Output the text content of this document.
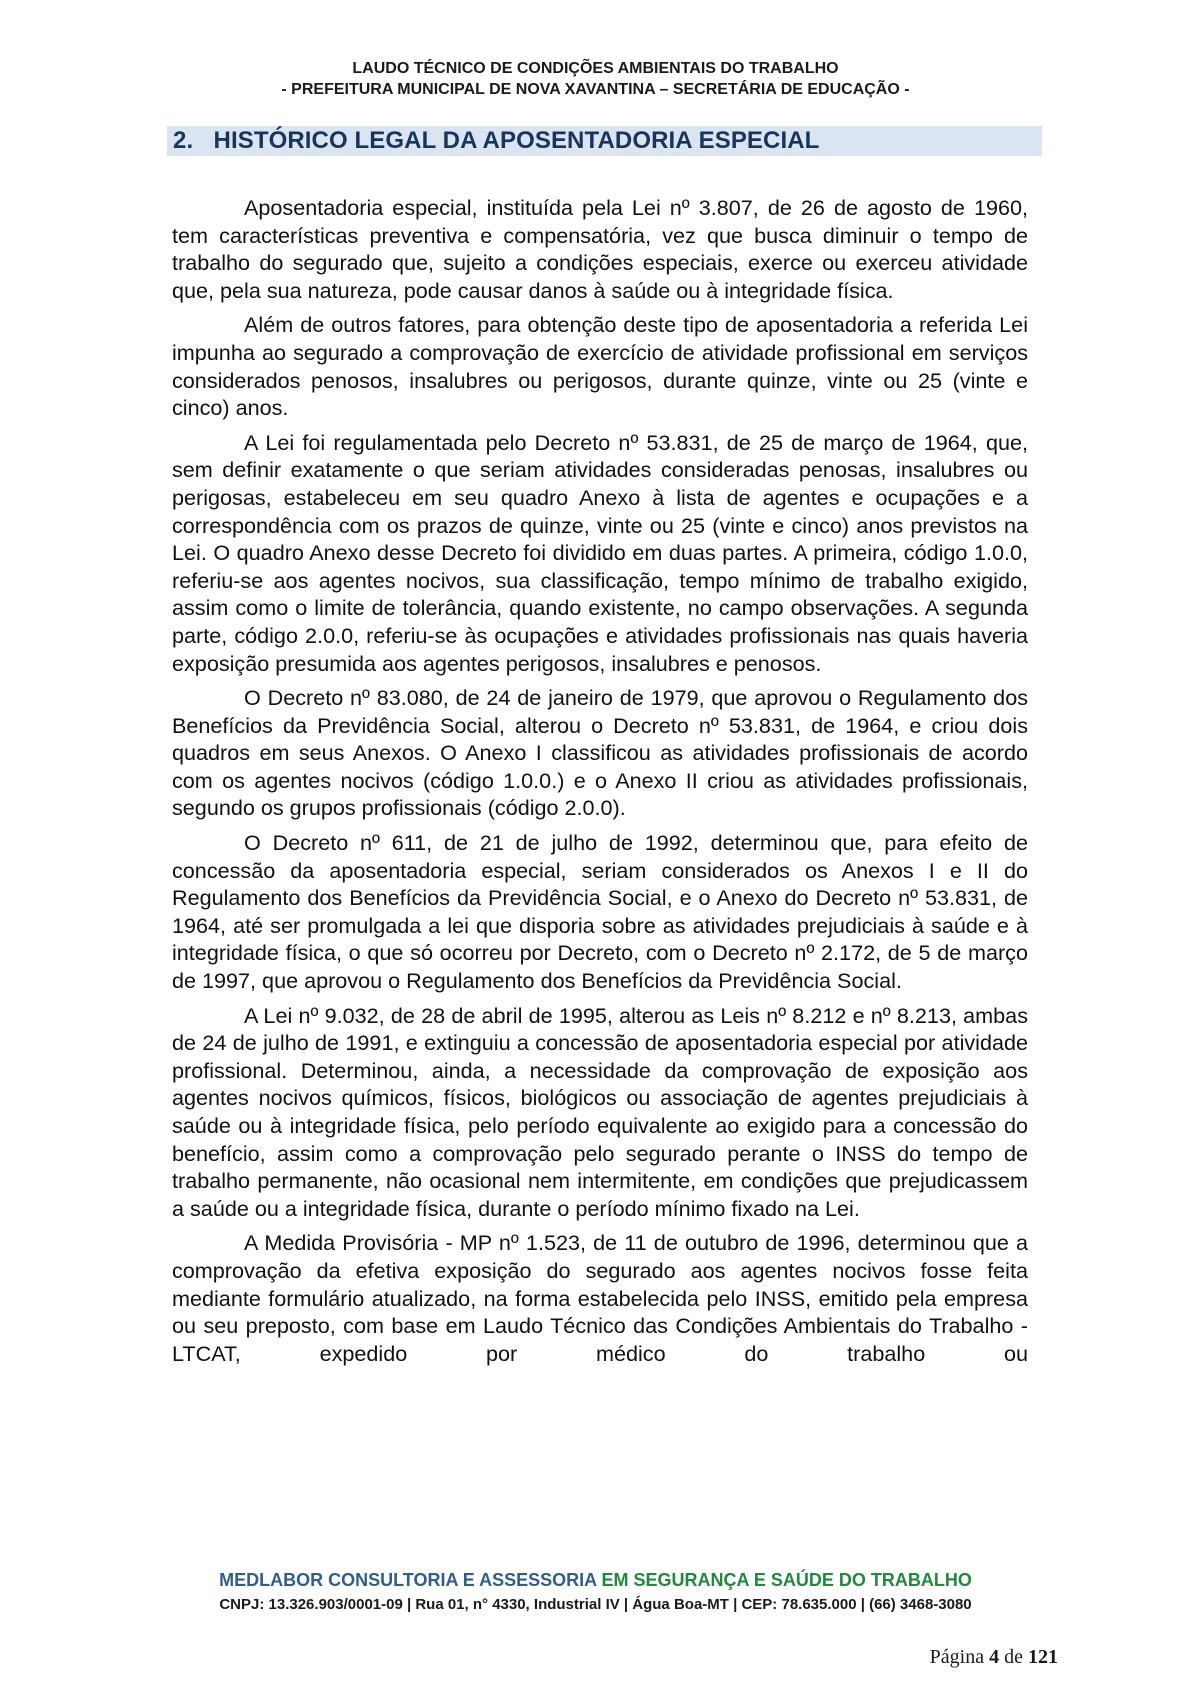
LAUDO TÉCNICO DE CONDIÇÕES AMBIENTAIS DO TRABALHO
- PREFEITURA MUNICIPAL DE NOVA XAVANTINA – SECRETÁRIA DE EDUCAÇÃO -
2.   HISTÓRICO LEGAL DA APOSENTADORIA ESPECIAL

Aposentadoria especial, instituída pela Lei nº 3.807, de 26 de agosto de 1960, tem características preventiva e compensatória, vez que busca diminuir o tempo de trabalho do segurado que, sujeito a condições especiais, exerce ou exerceu atividade que, pela sua natureza, pode causar danos à saúde ou à integridade física.

Além de outros fatores, para obtenção deste tipo de aposentadoria a referida Lei impunha ao segurado a comprovação de exercício de atividade profissional em serviços considerados penosos, insalubres ou perigosos, durante quinze, vinte ou 25 (vinte e cinco) anos.

A Lei foi regulamentada pelo Decreto nº 53.831, de 25 de março de 1964, que, sem definir exatamente o que seriam atividades consideradas penosas, insalubres ou perigosas, estabeleceu em seu quadro Anexo à lista de agentes e ocupações e a correspondência com os prazos de quinze, vinte ou 25 (vinte e cinco) anos previstos na Lei. O quadro Anexo desse Decreto foi dividido em duas partes. A primeira, código 1.0.0, referiu-se aos agentes nocivos, sua classificação, tempo mínimo de trabalho exigido, assim como o limite de tolerância, quando existente, no campo observações. A segunda parte, código 2.0.0, referiu-se às ocupações e atividades profissionais nas quais haveria exposição presumida aos agentes perigosos, insalubres e penosos.

O Decreto nº 83.080, de 24 de janeiro de 1979, que aprovou o Regulamento dos Benefícios da Previdência Social, alterou o Decreto nº 53.831, de 1964, e criou dois quadros em seus Anexos. O Anexo I classificou as atividades profissionais de acordo com os agentes nocivos (código 1.0.0.) e o Anexo II criou as atividades profissionais, segundo os grupos profissionais (código 2.0.0).

O Decreto nº 611, de 21 de julho de 1992, determinou que, para efeito de concessão da aposentadoria especial, seriam considerados os Anexos I e II do Regulamento dos Benefícios da Previdência Social, e o Anexo do Decreto nº 53.831, de 1964, até ser promulgada a lei que disporia sobre as atividades prejudiciais à saúde e à integridade física, o que só ocorreu por Decreto, com o Decreto nº 2.172, de 5 de março de 1997, que aprovou o Regulamento dos Benefícios da Previdência Social.

A Lei nº 9.032, de 28 de abril de 1995, alterou as Leis nº 8.212 e nº 8.213, ambas de 24 de julho de 1991, e extinguiu a concessão de aposentadoria especial por atividade profissional. Determinou, ainda, a necessidade da comprovação de exposição aos agentes nocivos químicos, físicos, biológicos ou associação de agentes prejudiciais à saúde ou à integridade física, pelo período equivalente ao exigido para a concessão do benefício, assim como a comprovação pelo segurado perante o INSS do tempo de trabalho permanente, não ocasional nem intermitente, em condições que prejudicassem a saúde ou a integridade física, durante o período mínimo fixado na Lei.

A Medida Provisória - MP nº 1.523, de 11 de outubro de 1996, determinou que a comprovação da efetiva exposição do segurado aos agentes nocivos fosse feita mediante formulário atualizado, na forma estabelecida pelo INSS, emitido pela empresa ou seu preposto, com base em Laudo Técnico das Condições Ambientais do Trabalho - LTCAT, expedido por médico do trabalho ou

MEDLABOR CONSULTORIA E ASSESSORIA EM SEGURANÇA E SAÚDE DO TRABALHO
CNPJ: 13.326.903/0001-09 | Rua 01, n° 4330, Industrial IV | Água Boa-MT | CEP: 78.635.000 | (66) 3468-3080
Página 4 de 121
